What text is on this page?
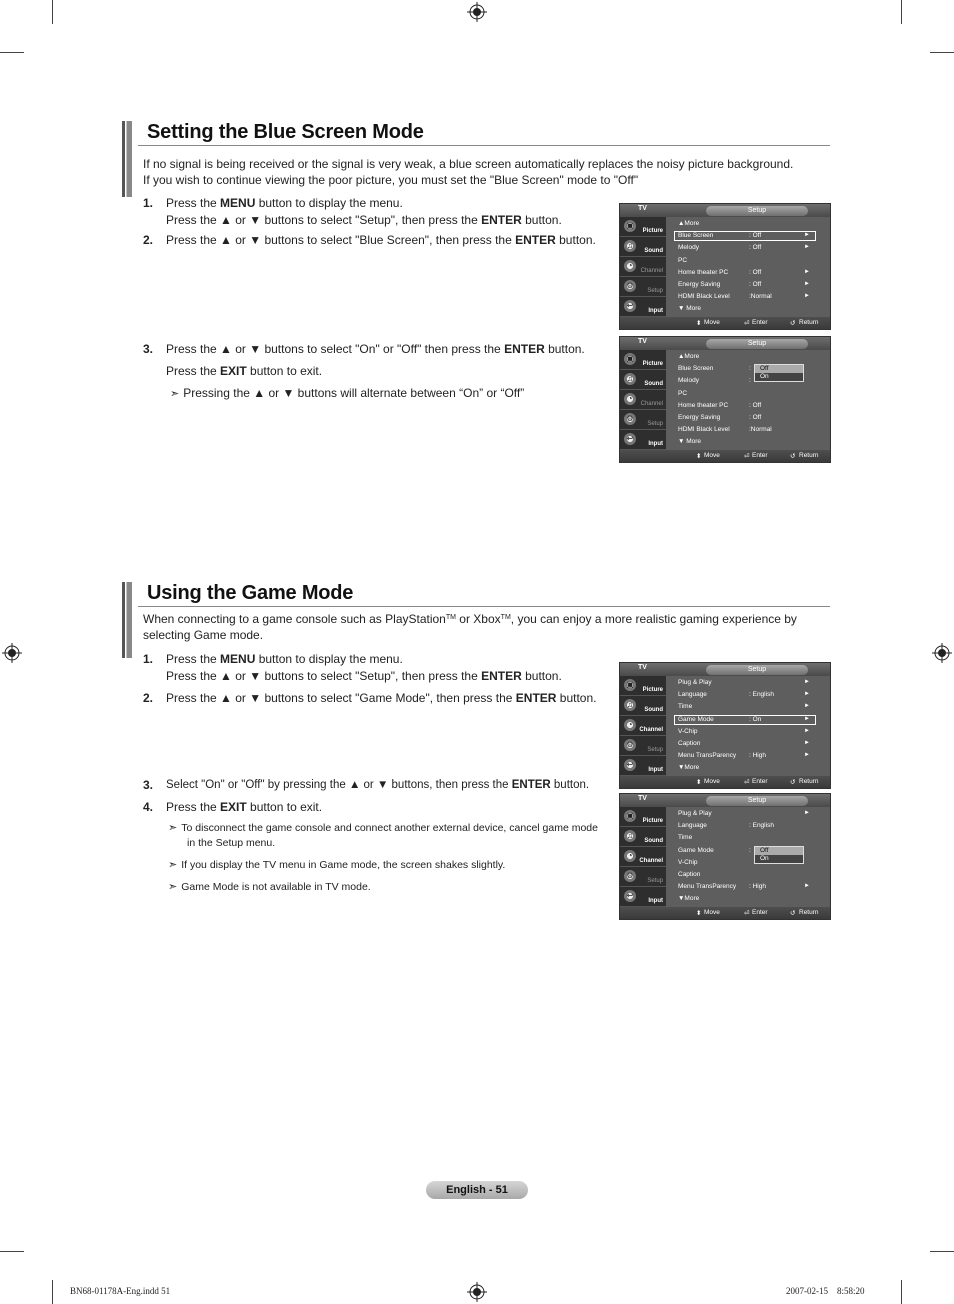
Setting the Blue Screen Mode
If no signal is being received or the signal is very weak, a blue screen automatically replaces the noisy picture background.
If you wish to continue viewing the poor picture, you must set the "Blue Screen" mode to "Off"
1. Press the MENU button to display the menu.
Press the ▲ or ▼ buttons to select "Setup", then press the ENTER button.
2. Press the ▲ or ▼ buttons to select "Blue Screen", then press the ENTER button.
3. Press the ▲ or ▼ buttons to select "On" or "Off" then press the ENTER button.
Press the EXIT button to exit.
➣ Pressing the ▲ or ▼ buttons will alternate between “On” or “Off”
Using the Game Mode
When connecting to a game console such as PlayStation™ or Xbox™, you can enjoy a more realistic gaming experience by
selecting Game mode.
1. Press the MENU button to display the menu.
Press the ▲ or ▼ buttons to select "Setup", then press the ENTER button.
2. Press the ▲ or ▼ buttons to select "Game Mode", then press the ENTER button.
3. Select "On" or "Off" by pressing the ▲ or ▼ buttons, then press the ENTER button.
4. Press the EXIT button to exit.
➣ To disconnect the game console and connect another external device, cancel game mode
in the Setup menu.
➣ If you display the TV menu in Game mode, the screen shakes slightly.
➣ Game Mode is not available in TV mode.
TV	Setup
▣
Picture
♫
Sound
◔
Channel
⚙
Setup
↩
Input
▲More
Blue Screen	: Off	►
Melody	: Off	►
PC
Home theater PC	: Off	►
Energy Saving	: Off	►
HDMI Black Level	:Normal	►
▼ More
⬍ Move	⏎ Enter	↺ Return
TV	Setup
▣
Picture
♫
Sound
◔
Channel
⚙
Setup
↩
Input
▲More
Blue Screen	:
Melody	:
PC
Home theater PC	: Off
Energy Saving	: Off
HDMI Black Level	:Normal
▼ More
Off
On
⬍ Move	⏎ Enter	↺ Return
TV	Setup
▣
Picture
♫
Sound
◔
Channel
⚙
Setup
↩
Input
Plug & Play	►
Language	: English	►
Time	►
Game Mode	: On	►
V-Chip	►
Caption	►
Menu TransParency : High	►
▼More
⬍ Move	⏎ Enter	↺ Return
TV	Setup
▣
Picture
♫
Sound
◔
Channel
⚙
Setup
↩
Input
Plug & Play	►
Language	: English
Time
Game Mode	:
V-Chip
Caption
Menu TransParency : High	►
▼More
Off
On
⬍ Move	⏎ Enter	↺ Return
English - 51
BN68-01178A-Eng.indd 51	2007-02-15    8:58:20
